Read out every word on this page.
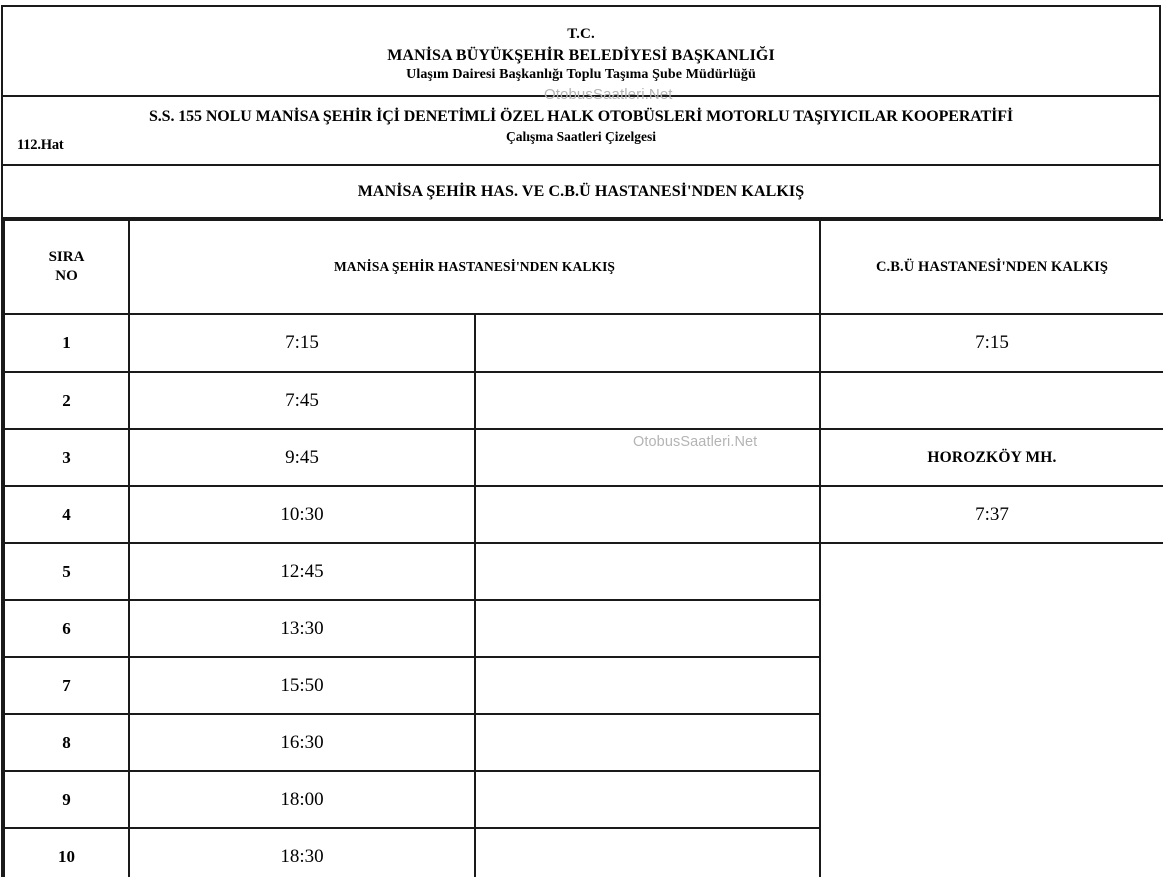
T.C.
MANİSA BÜYÜKŞEHİR BELEDİYESİ BAŞKANLIĞI
Ulaşım Dairesi Başkanlığı Toplu Taşıma Şube Müdürlüğü
S.S. 155 NOLU MANİSA ŞEHİR İÇİ DENETİMLİ ÖZEL HALK OTOBÜSLERİ MOTORLU TAŞIYICILAR KOOPERATİFİ
Çalışma Saatleri Çizelgesi
112.Hat
MANİSA ŞEHİR HAS. VE C.B.Ü HASTANESİ'NDEN KALKIŞ
SIRA
NO	MANİSA ŞEHİR HASTANESİ'NDEN KALKIŞ		C.B.Ü HASTANESİ'NDEN KALKIŞ
1	7:15		7:15
2	7:45		
3	9:45		HOROZKÖY MH.
4	10:30		7:37
5	12:45		
6	13:30		
7	15:50		
8	16:30		
9	18:00		
10	18:30		
OtobusSaatleri.Net
OtobusSaatleri.Net
